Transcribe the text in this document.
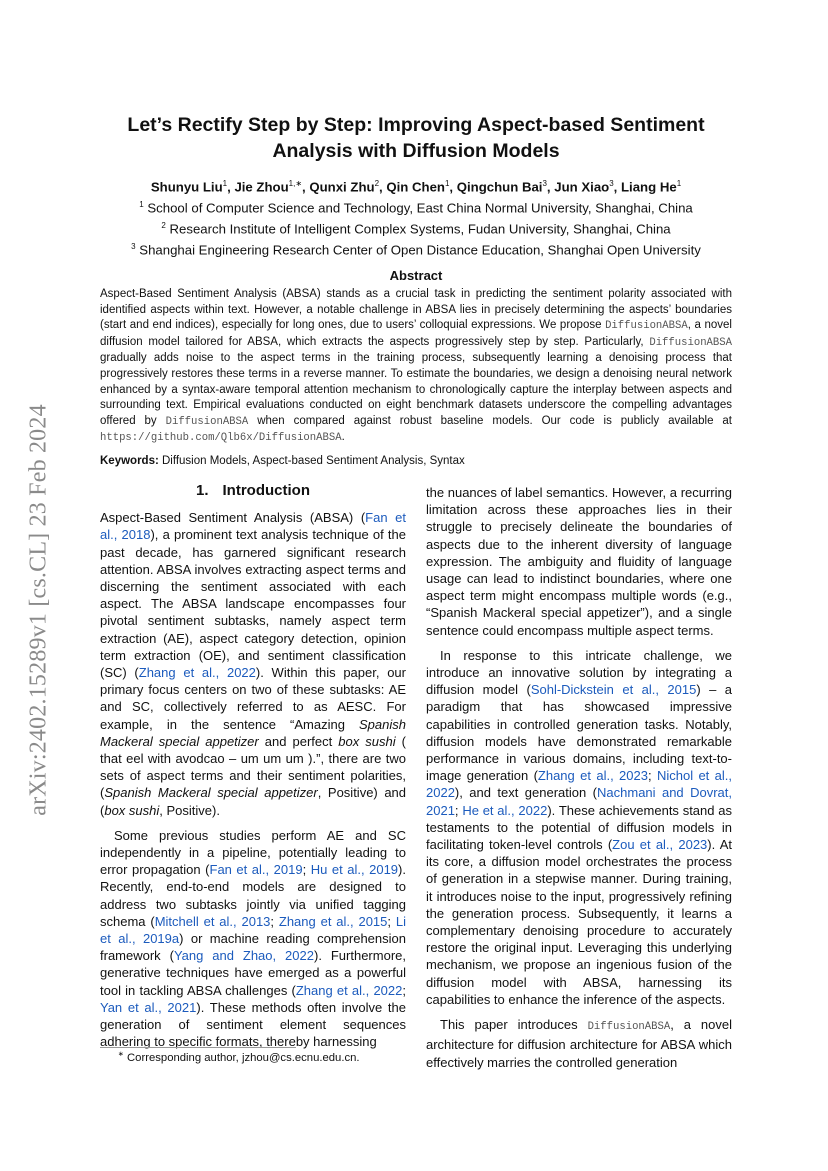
arXiv:2402.15289v1 [cs.CL] 23 Feb 2024
Let’s Rectify Step by Step: Improving Aspect-based Sentiment Analysis with Diffusion Models
Shunyu Liu$^1$, Jie Zhou$^{1,∗}$, Qunxi Zhu$^2$, Qin Chen$^1$, Qingchun Bai$^3$, Jun Xiao$^3$, Liang He$^1$
$^1$ School of Computer Science and Technology, East China Normal University, Shanghai, China
$^2$ Research Institute of Intelligent Complex Systems, Fudan University, Shanghai, China
$^3$ Shanghai Engineering Research Center of Open Distance Education, Shanghai Open University
Abstract
Aspect-Based Sentiment Analysis (ABSA) stands as a crucial task in predicting the sentiment polarity associated with identified aspects within text. However, a notable challenge in ABSA lies in precisely determining the aspects’ boundaries (start and end indices), especially for long ones, due to users’ colloquial expressions. We propose DiffusionABSA, a novel diffusion model tailored for ABSA, which extracts the aspects progressively step by step. Particularly, DiffusionABSA gradually adds noise to the aspect terms in the training process, subsequently learning a denoising process that progressively restores these terms in a reverse manner. To estimate the boundaries, we design a denoising neural network enhanced by a syntax-aware temporal attention mechanism to chronologically capture the interplay between aspects and surrounding text. Empirical evaluations conducted on eight benchmark datasets underscore the compelling advantages offered by DiffusionABSA when compared against robust baseline models. Our code is publicly available at https://github.com/Qlb6x/DiffusionABSA.
Keywords: Diffusion Models, Aspect-based Sentiment Analysis, Syntax
1. Introduction

Aspect-Based Sentiment Analysis (ABSA) (Fan et al., 2018), a prominent text analysis technique of the past decade, has garnered significant research attention. ABSA involves extracting aspect terms and discerning the sentiment associated with each aspect. The ABSA landscape encompasses four pivotal sentiment subtasks, namely aspect term extraction (AE), aspect category detection, opinion term extraction (OE), and sentiment classification (SC) (Zhang et al., 2022). Within this paper, our primary focus centers on two of these subtasks: AE and SC, collectively referred to as AESC. For example, in the sentence “Amazing Spanish Mackeral special appetizer and perfect box sushi ( that eel with avodcao – um um um ).”, there are two sets of aspect terms and their sentiment polarities, (Spanish Mackeral special appetizer, Positive) and (box sushi, Positive).

Some previous studies perform AE and SC independently in a pipeline, potentially leading to error propagation (Fan et al., 2019; Hu et al., 2019). Recently, end-to-end models are designed to address two subtasks jointly via unified tagging schema (Mitchell et al., 2013; Zhang et al., 2015; Li et al., 2019a) or machine reading comprehension framework (Yang and Zhao, 2022). Furthermore, generative techniques have emerged as a powerful tool in tackling ABSA challenges (Zhang et al., 2022; Yan et al., 2021). These methods often involve the generation of sentiment element sequences adhering to specific formats, thereby harnessing

the nuances of label semantics. However, a recurring limitation across these approaches lies in their struggle to precisely delineate the boundaries of aspects due to the inherent diversity of language expression. The ambiguity and fluidity of language usage can lead to indistinct boundaries, where one aspect term might encompass multiple words (e.g., “Spanish Mackeral special appetizer”), and a single sentence could encompass multiple aspect terms.

In response to this intricate challenge, we introduce an innovative solution by integrating a diffusion model (Sohl-Dickstein et al., 2015) – a paradigm that has showcased impressive capabilities in controlled generation tasks. Notably, diffusion models have demonstrated remarkable performance in various domains, including text-to-image generation (Zhang et al., 2023; Nichol et al., 2022), and text generation (Nachmani and Dovrat, 2021; He et al., 2022). These achievements stand as testaments to the potential of diffusion models in facilitating token-level controls (Zou et al., 2023). At its core, a diffusion model orchestrates the process of generation in a stepwise manner. During training, it introduces noise to the input, progressively refining the generation process. Subsequently, it learns a complementary denoising procedure to accurately restore the original input. Leveraging this underlying mechanism, we propose an ingenious fusion of the diffusion model with ABSA, harnessing its capabilities to enhance the inference of the aspects.

This paper introduces DiffusionABSA, a novel architecture for diffusion architecture for ABSA which effectively marries the controlled generation

∗ Corresponding author, jzhou@cs.ecnu.edu.cn.
